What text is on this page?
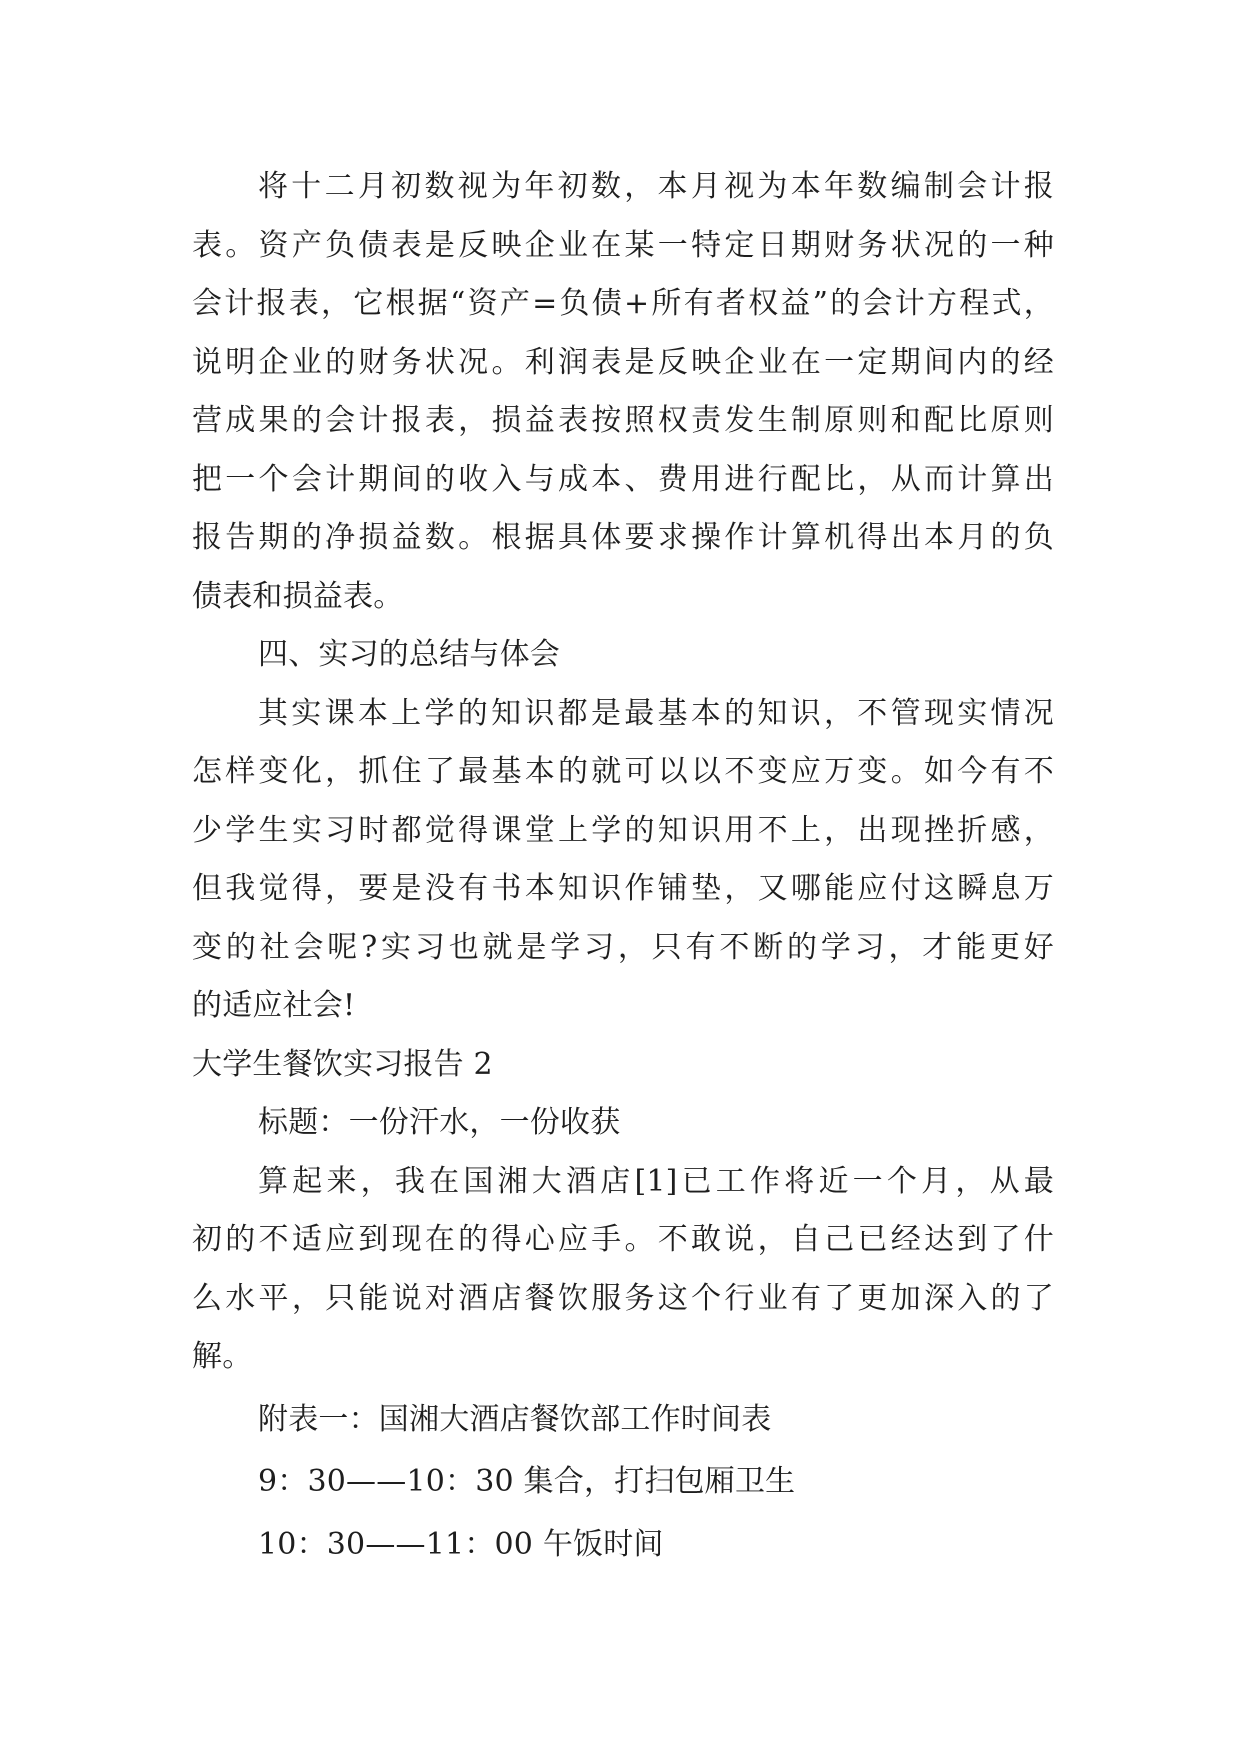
将十二月初数视为年初数，本月视为本年数编制会计报
表。资产负债表是反映企业在某一特定日期财务状况的一种
会计报表，它根据“资产=负债+所有者权益”的会计方程式，
说明企业的财务状况。利润表是反映企业在一定期间内的经
营成果的会计报表，损益表按照权责发生制原则和配比原则
把一个会计期间的收入与成本、费用进行配比，从而计算出
报告期的净损益数。根据具体要求操作计算机得出本月的负
债表和损益表。
四、实习的总结与体会
其实课本上学的知识都是最基本的知识，不管现实情况
怎样变化，抓住了最基本的就可以以不变应万变。如今有不
少学生实习时都觉得课堂上学的知识用不上，出现挫折感，
但我觉得，要是没有书本知识作铺垫，又哪能应付这瞬息万
变的社会呢?实习也就是学习，只有不断的学习，才能更好
的适应社会!
大学生餐饮实习报告 2
标题：一份汗水，一份收获
算起来，我在国湘大酒店[1]已工作将近一个月，从最
初的不适应到现在的得心应手。不敢说，自己已经达到了什
么水平，只能说对酒店餐饮服务这个行业有了更加深入的了
解。
附表一：国湘大酒店餐饮部工作时间表
9：30——10：30 集合，打扫包厢卫生
10：30——11：00 午饭时间
